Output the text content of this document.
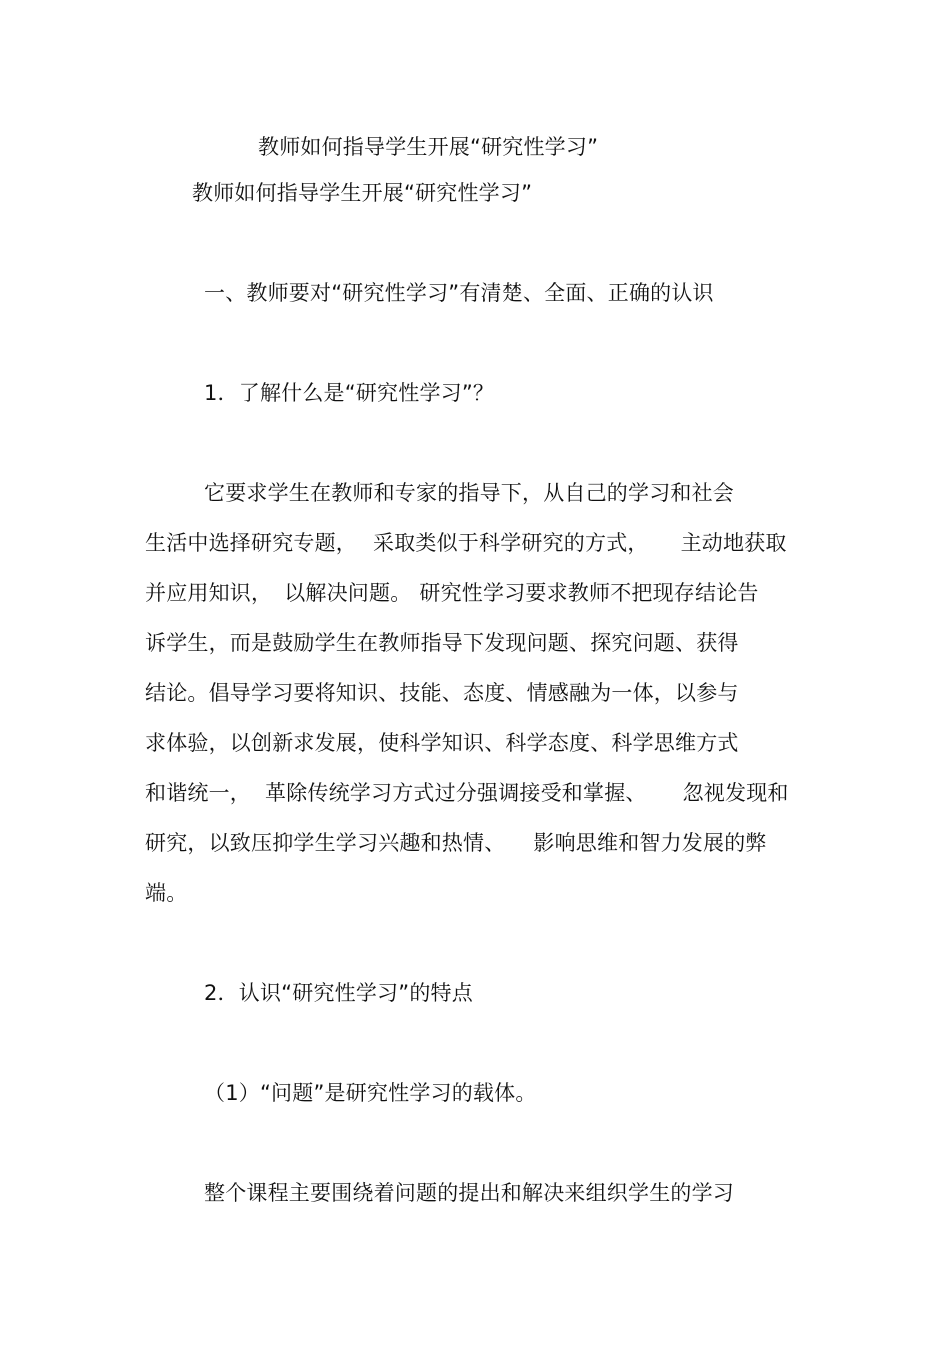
教师如何指导学生开展“研究性学习”
教师如何指导学生开展“研究性学习”
一、教师要对“研究性学习”有清楚、全面、正确的认识
1．了解什么是“研究性学习”？
它要求学生在教师和专家的指导下，从自己的学习和社会
生活中选择研究专题， 采取类似于科学研究的方式， 主动地获取
并应用知识， 以解决问题。 研究性学习要求教师不把现存结论告
诉学生，而是鼓励学生在教师指导下发现问题、探究问题、获得
结论。倡导学习要将知识、技能、态度、情感融为一体，以参与
求体验，以创新求发展，使科学知识、科学态度、科学思维方式
和谐统一， 革除传统学习方式过分强调接受和掌握、 忽视发现和
研究，以致压抑学生学习兴趣和热情、 影响思维和智力发展的弊
端。
2．认识“研究性学习”的特点
（1）“问题”是研究性学习的载体。
整个课程主要围绕着问题的提出和解决来组织学生的学习
